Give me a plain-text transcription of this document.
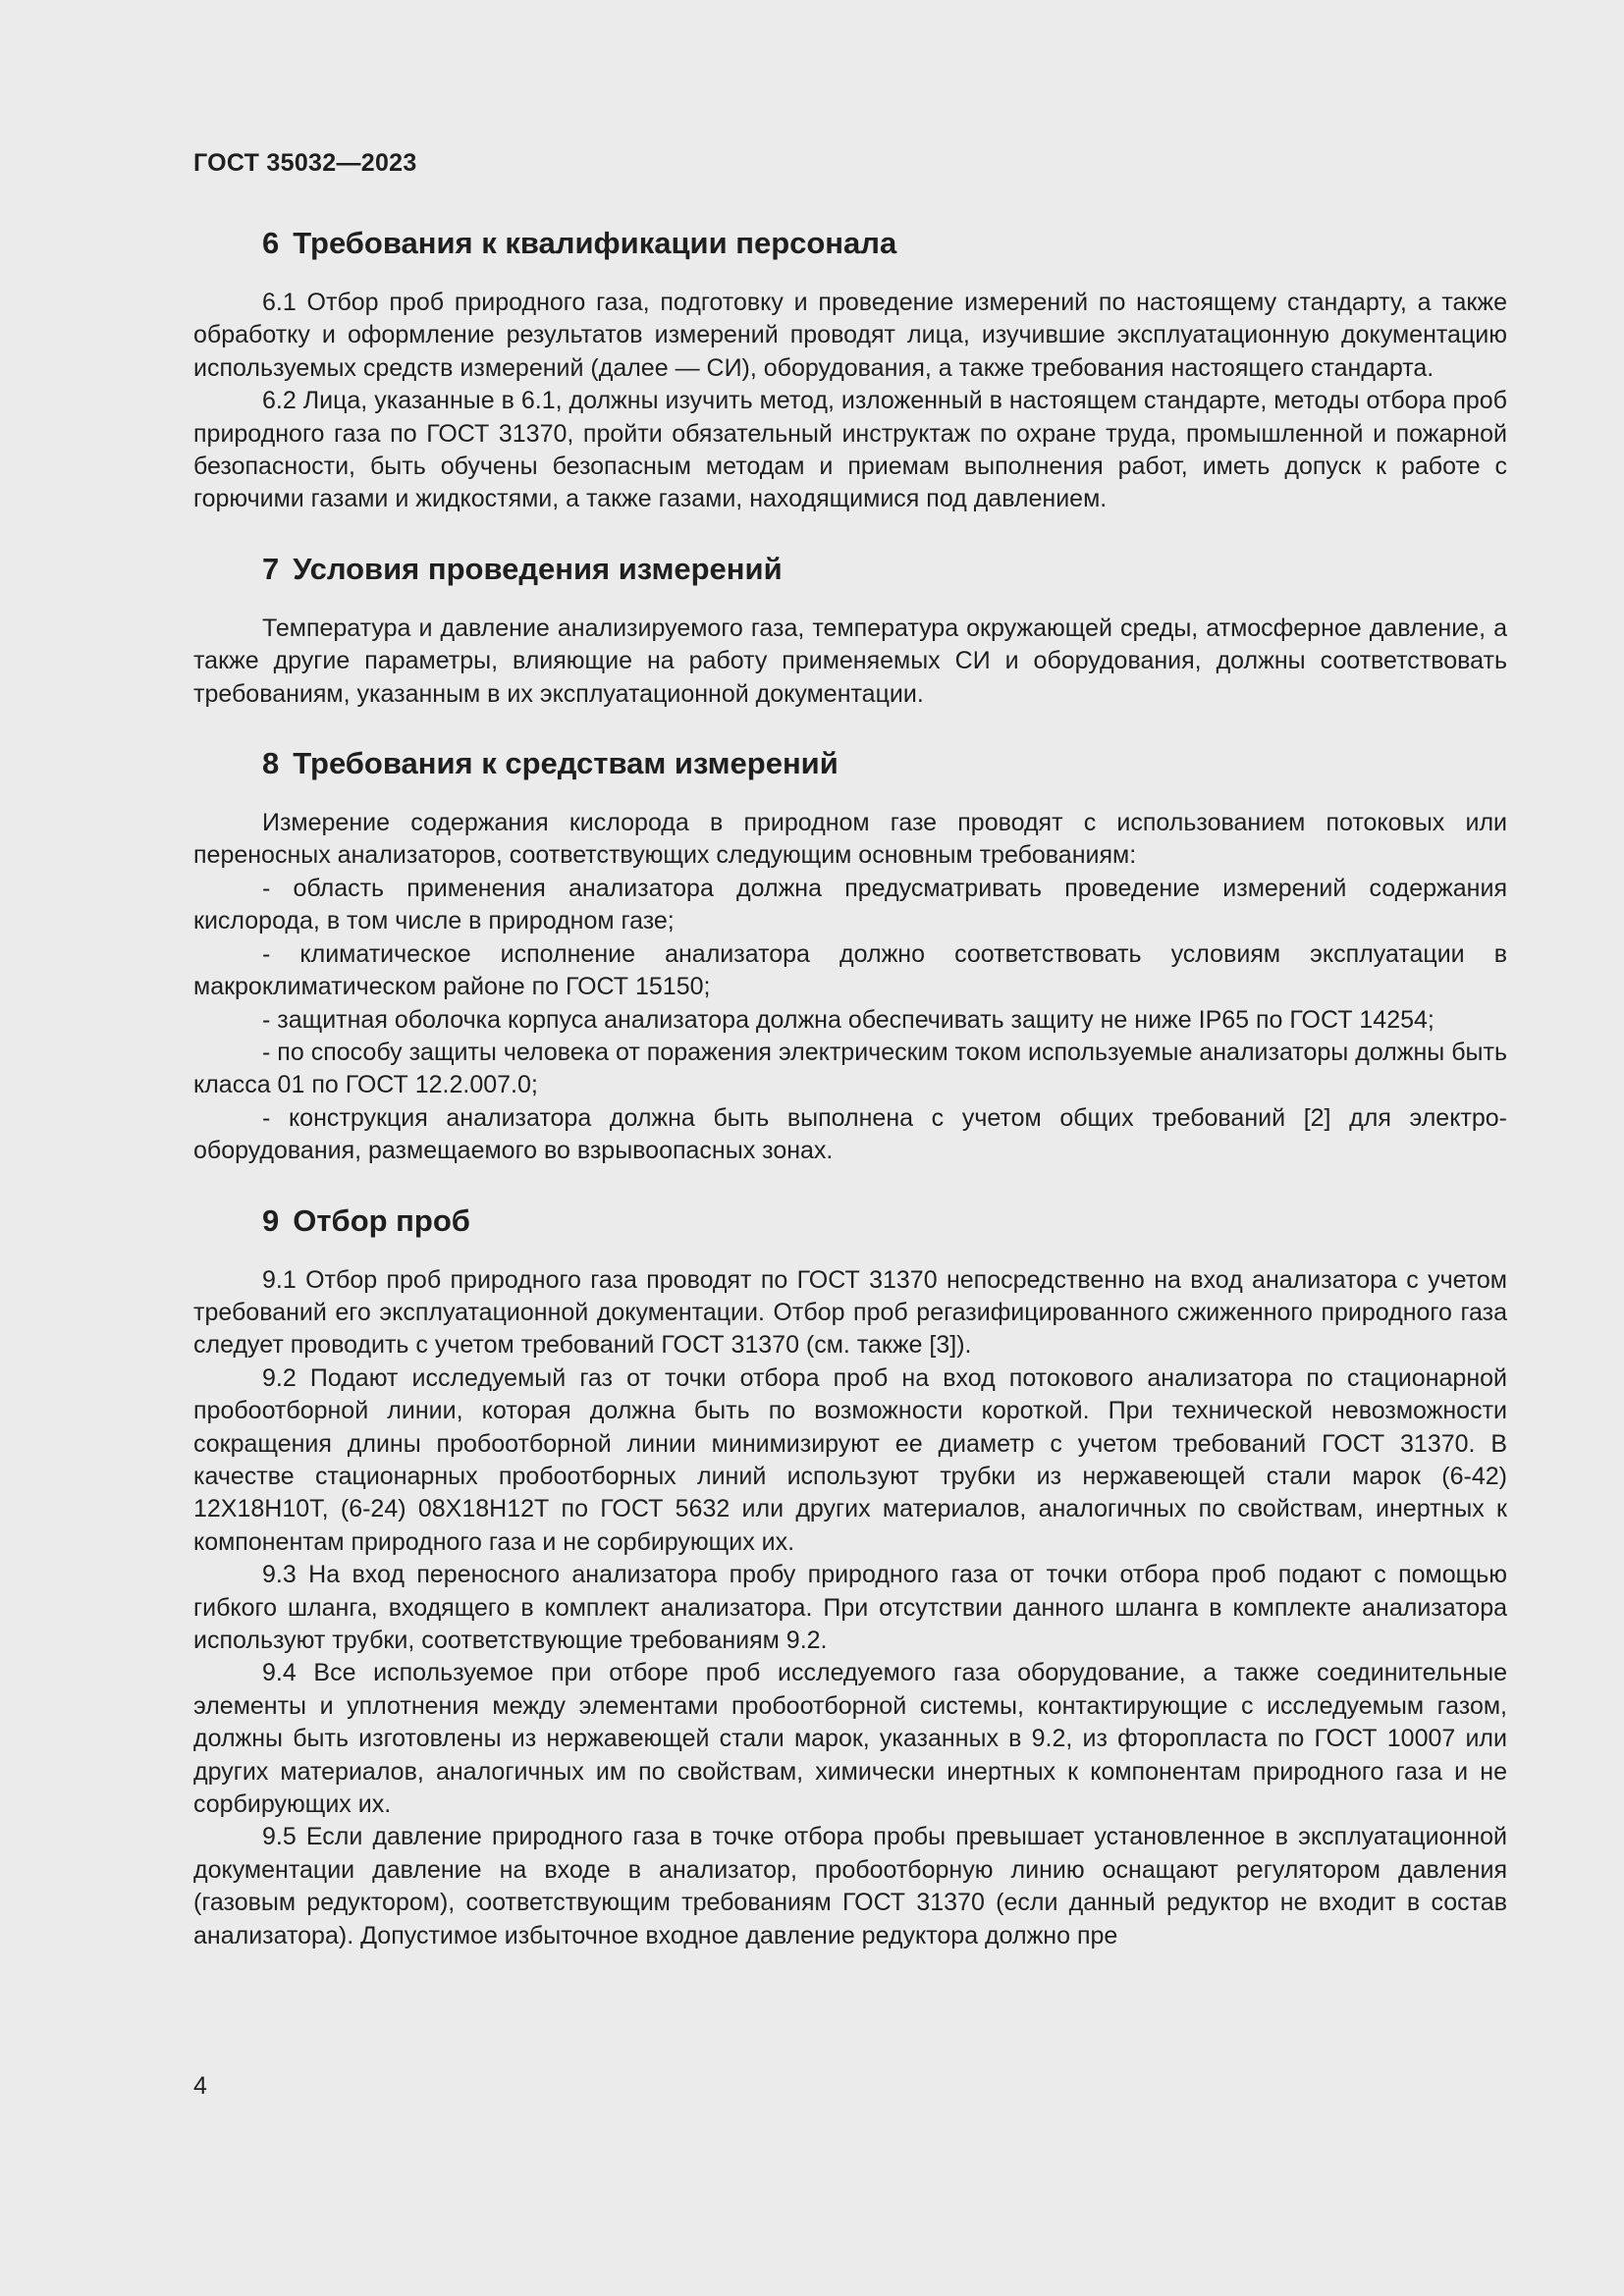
ГОСТ 35032—2023
6 Требования к квалификации персонала

6.1 Отбор проб природного газа, подготовку и проведение измерений по настоящему стандарту, а также обработку и оформление результатов измерений проводят лица, изучившие эксплуатационную документацию используемых средств измерений (далее — СИ), оборудования, а также требования настоящего стандарта.

6.2 Лица, указанные в 6.1, должны изучить метод, изложенный в настоящем стандарте, методы отбора проб природного газа по ГОСТ 31370, пройти обязательный инструктаж по охране труда, промышленной и пожарной безопасности, быть обучены безопасным методам и приемам выполнения работ, иметь допуск к работе с горючими газами и жидкостями, а также газами, находящимися под давлением.

7 Условия проведения измерений

Температура и давление анализируемого газа, температура окружающей среды, атмосферное давление, а также другие параметры, влияющие на работу применяемых СИ и оборудования, должны соответствовать требованиям, указанным в их эксплуатационной документации.

8 Требования к средствам измерений

Измерение содержания кислорода в природном газе проводят с использованием потоковых или переносных анализаторов, соответствующих следующим основным требованиям:

- область применения анализатора должна предусматривать проведение измерений содержания кислорода, в том числе в природном газе;

- климатическое исполнение анализатора должно соответствовать условиям эксплуатации в макроклиматическом районе по ГОСТ 15150;

- защитная оболочка корпуса анализатора должна обеспечивать защиту не ниже IP65 по ГОСТ 14254;

- по способу защиты человека от поражения электрическим током используемые анализаторы должны быть класса 01 по ГОСТ 12.2.007.0;

- конструкция анализатора должна быть выполнена с учетом общих требований [2] для электрооборудования, размещаемого во взрывоопасных зонах.

9 Отбор проб

9.1 Отбор проб природного газа проводят по ГОСТ 31370 непосредственно на вход анализатора с учетом требований его эксплуатационной документации. Отбор проб регазифицированного сжиженного природного газа следует проводить с учетом требований ГОСТ 31370 (см. также [3]).

9.2 Подают исследуемый газ от точки отбора проб на вход потокового анализатора по стационарной пробоотборной линии, которая должна быть по возможности короткой. При технической невозможности сокращения длины пробоотборной линии минимизируют ее диаметр с учетом требований ГОСТ 31370. В качестве стационарных пробоотборных линий используют трубки из нержавеющей стали марок (6-42) 12Х18Н10Т, (6-24) 08Х18Н12Т по ГОСТ 5632 или других материалов, аналогичных по свойствам, инертных к компонентам природного газа и не сорбирующих их.

9.3 На вход переносного анализатора пробу природного газа от точки отбора проб подают с помощью гибкого шланга, входящего в комплект анализатора. При отсутствии данного шланга в комплекте анализатора используют трубки, соответствующие требованиям 9.2.

9.4 Все используемое при отборе проб исследуемого газа оборудование, а также соединительные элементы и уплотнения между элементами пробоотборной системы, контактирующие с исследуемым газом, должны быть изготовлены из нержавеющей стали марок, указанных в 9.2, из фторопласта по ГОСТ 10007 или других материалов, аналогичных им по свойствам, химически инертных к компонентам природного газа и не сорбирующих их.

9.5 Если давление природного газа в точке отбора пробы превышает установленное в эксплуатационной документации давление на входе в анализатор, пробоотборную линию оснащают регулятором давления (газовым редуктором), соответствующим требованиям ГОСТ 31370 (если данный редуктор не входит в состав анализатора). Допустимое избыточное входное давление редуктора должно пре

4
